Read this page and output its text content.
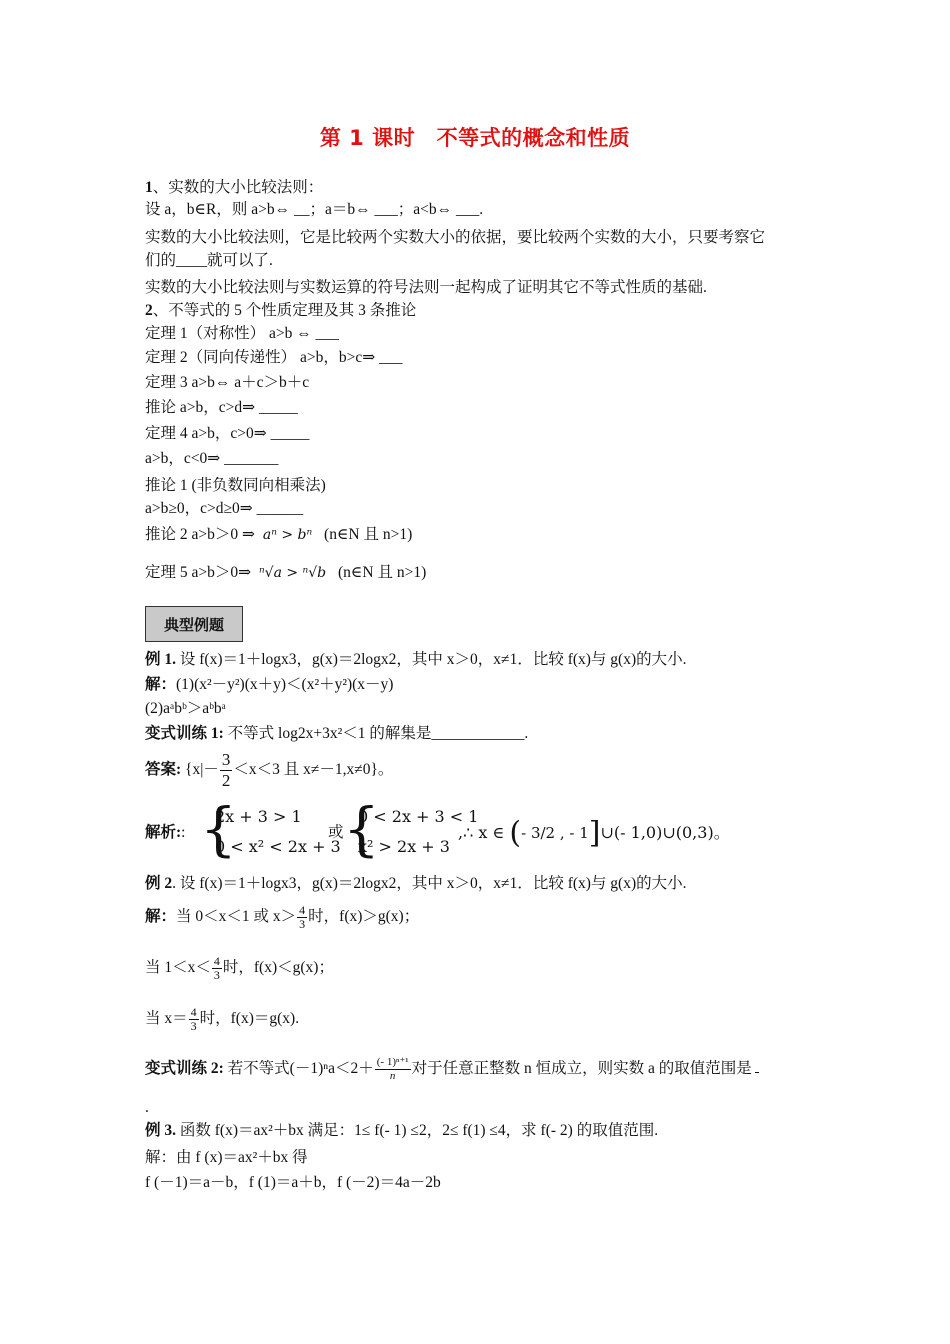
第 1 课时　不等式的概念和性质
1、实数的大小比较法则：
设 a，b∈R，则 a>b⇔ __；a＝b⇔ ___；a<b⇔ ___.
实数的大小比较法则，它是比较两个实数大小的依据，要比较两个实数的大小，只要考察它
们的____就可以了.
实数的大小比较法则与实数运算的符号法则一起构成了证明其它不等式性质的基础.
2、不等式的 5 个性质定理及其 3 条推论
定理 1（对称性） a>b ⇔ ___
定理 2（同向传递性） a>b，b>c⇒ ___
定理 3 a>b⇔ a＋c＞b＋c
推论 a>b，c>d⇒ _____
定理 4 a>b，c>0⇒ _____
a>b，c<0⇒ _______
推论 1 (非负数同向相乘法)
a>b≥0，c>d≥0⇒ ______
推论 2 a>b＞0 ⇒ aⁿ > bⁿ (n∈N 且 n>1)
定理 5 a>b＞0⇒ ⁿ√a > ⁿ√b (n∈N 且 n>1)
典型例题
例 1. 设 f(x)＝1＋logx3，g(x)＝2logx2，其中 x＞0，x≠1．比较 f(x)与 g(x)的大小.
解：(1)(x²－y²)(x＋y)＜(x²＋y²)(x－y)
(2)aᵃbᵇ＞aᵇbᵃ
变式训练 1: 不等式 log2x+3x²＜1 的解集是____________.
答案: {$x|- \frac{3}{2} <x<3$ 且 x≠－1,x≠0}。
解析:: {
2x + 3 > 1
0 < x² < 2x + 3
或 {
0 < 2x + 3 < 1
x² > 2x + 3
,∴ x ∈ (- 3/2 , - 1]∪(- 1,0)∪(0,3)。
例 2. 设 f(x)＝1＋logx3，g(x)＝2logx2，其中 x＞0，x≠1．比较 f(x)与 g(x)的大小.
解：当 0＜x＜1 或 $x> \frac{4}{3}$ 时，f(x)＞g(x)；
当 $1<x< \frac{4}{3}$ 时，f(x)＜g(x)；
当 $x= \frac{4}{3}$ 时，f(x)＝g(x).
变式训练 2: 若不等式$(-1)^na<2+ \frac{\text{(- 1)ⁿ⁺¹}}{n}$ 对于任意正整数 n 恒成立，则实数 a 的取值范围是
.
例 3. 函数 f(x)＝ax²＋bx 满足：1≤ f(- 1) ≤2，2≤ f(1) ≤4，求 f(- 2) 的取值范围.
解：由 f (x)＝ax²＋bx 得
f (－1)＝a－b，f (1)＝a＋b，f (－2)＝4a－2b
